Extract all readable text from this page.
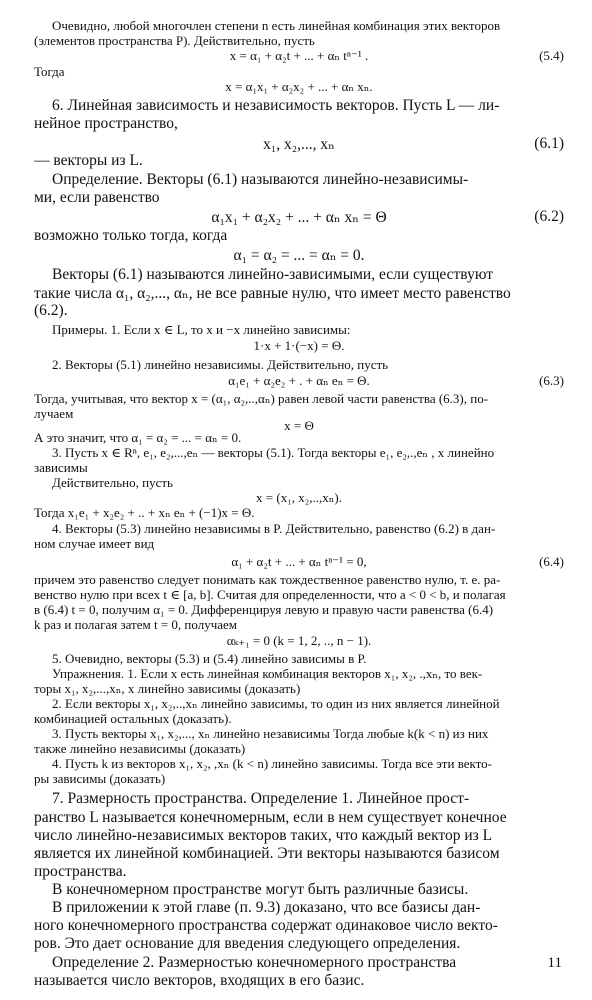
Очевидно, любой многочлен степени n есть линейная комбинация этих векторов
(элементов пространства P). Действительно, пусть
x = α₁ + α₂t + ... + αₙ tⁿ⁻¹ .
Тогда
x = α₁x₁ + α₂x₂ + ... + αₙ xₙ.
6. Линейная зависимость и независимость векторов. Пусть L — ли-
нейное пространство,
x₁, x₂,..., xₙ
— векторы из L.
Определение. Векторы (6.1) называются линейно-независимы-
ми, если равенство
α₁x₁ + α₂x₂ + ... + αₙ xₙ = Θ
возможно только тогда, когда
α₁ = α₂ = ... = αₙ = 0.
Векторы (6.1) называются линейно-зависимыми, если существуют
такие числа α₁, α₂,..., αₙ, не все равные нулю, что имеет место равенство
(6.2).
Примеры. 1. Если x ∈ L, то x и −x линейно зависимы:
1·x + 1·(−x) = Θ.
2. Векторы (5.1) линейно независимы. Действительно, пусть
α₁e₁ + α₂e₂ + . + αₙ eₙ = Θ.
Тогда, учитывая, что вектор x = (α₁, α₂,..,αₙ) равен левой части равенства (6.3), по-
лучаем
x = Θ
А это значит, что α₁ = α₂ = ... = αₙ = 0.
3. Пусть x ∈ Rⁿ, e₁, e₂,...,eₙ — векторы (5.1). Тогда векторы e₁, e₂,.,eₙ , x линейно
зависимы
Действительно, пусть
x = (x₁, x₂,..,xₙ).
Тогда x₁e₁ + x₂e₂ + .. + xₙ eₙ + (−1)x = Θ.
4. Векторы (5.3) линейно независимы в P. Действительно, равенство (6.2) в дан-
ном случае имеет вид
α₁ + α₂t + ... + αₙ tⁿ⁻¹ = 0,
причем это равенство следует понимать как тождественное равенство нулю, т. е. ра-
венство нулю при всех t ∈ [a, b]. Считая для определенности, что a < 0 < b, и полагая
в (6.4) t = 0, получим α₁ = 0. Дифференцируя левую и правую части равенства (6.4)
k раз и полагая затем t = 0, получаем
αₖ₊₁ = 0 (k = 1, 2, .., n − 1).
5. Очевидно, векторы (5.3) и (5.4) линейно зависимы в P.
Упражнения. 1. Если x есть линейная комбинация векторов x₁, x₂, .,xₙ, то век-
торы x₁, x₂,...,xₙ, x линейно зависимы (доказать)
2. Если векторы x₁, x₂,..,xₙ линейно зависимы, то один из них является линейной
комбинацией остальных (доказать).
3. Пусть векторы x₁, x₂,..., xₙ линейно независимы Тогда любые k(k < n) из них
также линейно независимы (доказать)
4. Пусть k из векторов x₁, x₂, ,xₙ (k < n) линейно зависимы. Тогда все эти векто-
ры зависимы (доказать)
7. Размерность пространства. Определение 1. Линейное прост-
ранство L называется конечномерным, если в нем существует конечное
число линейно-независимых векторов таких, что каждый вектор из L
является их линейной комбинацией. Эти векторы называются базисом
пространства.
В конечномерном пространстве могут быть различные базисы.
В приложении к этой главе (п. 9.3) доказано, что все базисы дан-
ного конечномерного пространства содержат одинаковое число векто-
ров. Это дает основание для введения следующего определения.
Определение 2. Размерностью конечномерного пространства
называется число векторов, входящих в его базис.
(5.4)
(6.1)
(6.2)
(6.3)
(6.4)
11
